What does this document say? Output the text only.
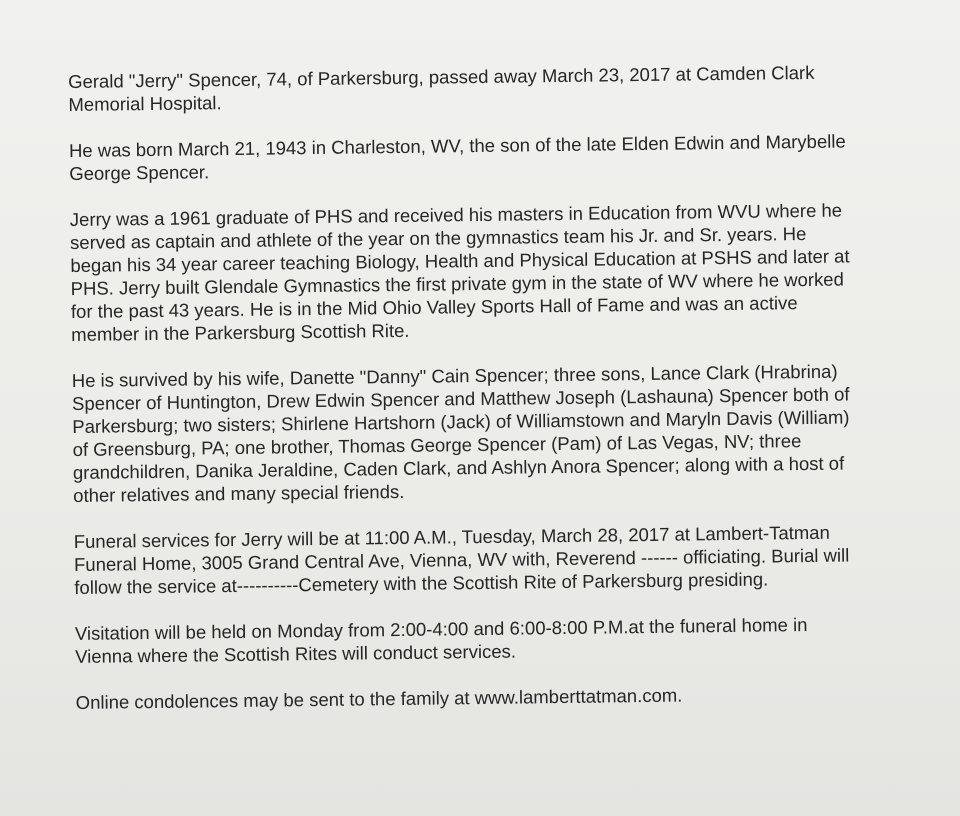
Gerald "Jerry" Spencer, 74, of Parkersburg, passed away March 23, 2017 at Camden Clark
Memorial Hospital.

He was born March 21, 1943 in Charleston, WV, the son of the late Elden Edwin and Marybelle
George Spencer.

Jerry was a 1961 graduate of PHS and received his masters in Education from WVU where he
served as captain and athlete of the year on the gymnastics team his Jr. and Sr. years. He
began his 34 year career teaching Biology, Health and Physical Education at PSHS and later at
PHS. Jerry built Glendale Gymnastics the first private gym in the state of WV where he worked
for the past 43 years. He is in the Mid Ohio Valley Sports Hall of Fame and was an active
member in the Parkersburg Scottish Rite.

He is survived by his wife, Danette "Danny" Cain Spencer; three sons, Lance Clark (Hrabrina)
Spencer of Huntington, Drew Edwin Spencer and Matthew Joseph (Lashauna) Spencer both of
Parkersburg; two sisters; Shirlene Hartshorn (Jack) of Williamstown and Maryln Davis (William)
of Greensburg, PA; one brother, Thomas George Spencer (Pam) of Las Vegas, NV; three
grandchildren, Danika Jeraldine, Caden Clark, and Ashlyn Anora Spencer; along with a host of
other relatives and many special friends.

Funeral services for Jerry will be at 11:00 A.M., Tuesday, March 28, 2017 at Lambert-Tatman
Funeral Home, 3005 Grand Central Ave, Vienna, WV with, Reverend ------ officiating. Burial will
follow the service at----------Cemetery with the Scottish Rite of Parkersburg presiding.

Visitation will be held on Monday from 2:00-4:00 and 6:00-8:00 P.M.at the funeral home in
Vienna where the Scottish Rites will conduct services.

Online condolences may be sent to the family at www.lamberttatman.com.
